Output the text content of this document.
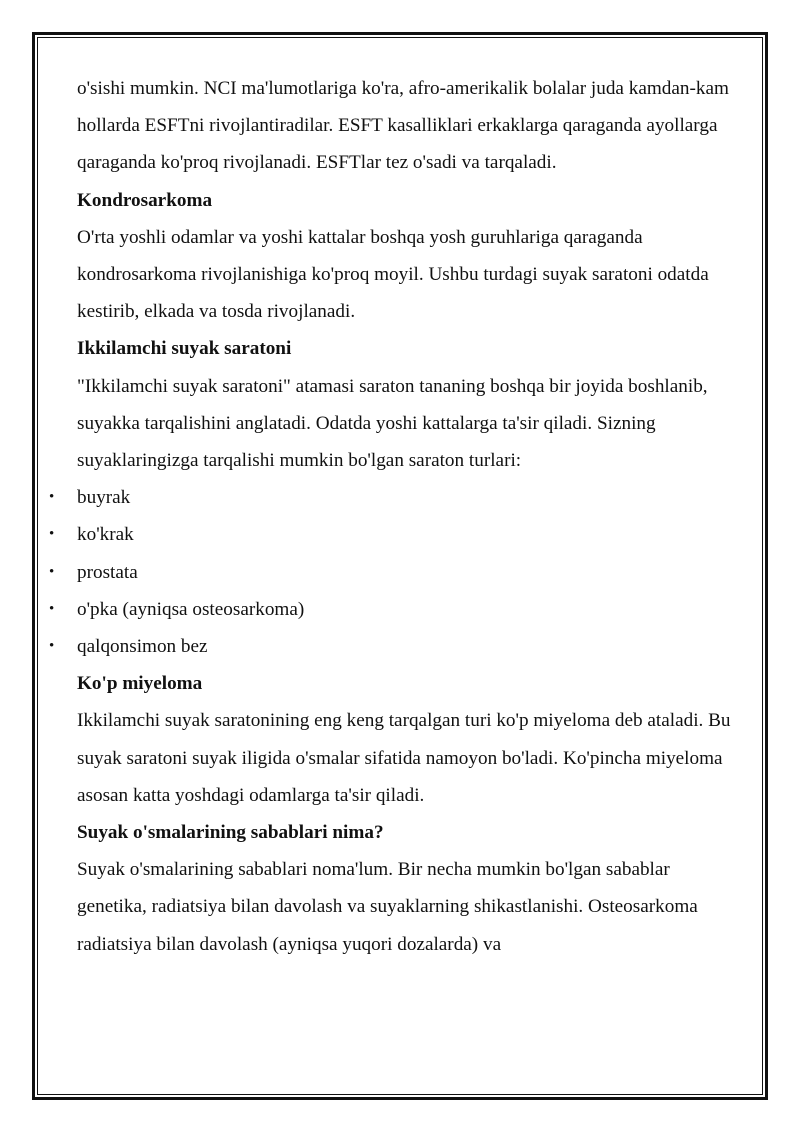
o'sishi mumkin. NCI ma'lumotlariga ko'ra, afro-amerikalik bolalar juda kamdan-kam hollarda ESFTni rivojlantiradilar. ESFT kasalliklari erkaklarga qaraganda ayollarga qaraganda ko'proq rivojlanadi. ESFTlar tez o'sadi va tarqaladi.

Kondrosarkoma

O'rta yoshli odamlar va yoshi kattalar boshqa yosh guruhlariga qaraganda kondrosarkoma rivojlanishiga ko'proq moyil. Ushbu turdagi suyak saratoni odatda kestirib, elkada va tosda rivojlanadi.

Ikkilamchi suyak saratoni

"Ikkilamchi suyak saratoni" atamasi saraton tananing boshqa bir joyida boshlanib, suyakka tarqalishini anglatadi. Odatda yoshi kattalarga ta'sir qiladi. Sizning suyaklaringizga tarqalishi mumkin bo'lgan saraton turlari:

• buyrak
• ko'krak
• prostata
• o'pka (ayniqsa osteosarkoma)
• qalqonsimon bez
Ko'p miyeloma

Ikkilamchi suyak saratonining eng keng tarqalgan turi ko'p miyeloma deb ataladi. Bu suyak saratoni suyak iligida o'smalar sifatida namoyon bo'ladi. Ko'pincha miyeloma asosan katta yoshdagi odamlarga ta'sir qiladi.

Suyak o'smalarining sabablari nima?

Suyak o'smalarining sabablari noma'lum. Bir necha mumkin bo'lgan sabablar genetika, radiatsiya bilan davolash va suyaklarning shikastlanishi. Osteosarkoma radiatsiya bilan davolash (ayniqsa yuqori dozalarda) va
